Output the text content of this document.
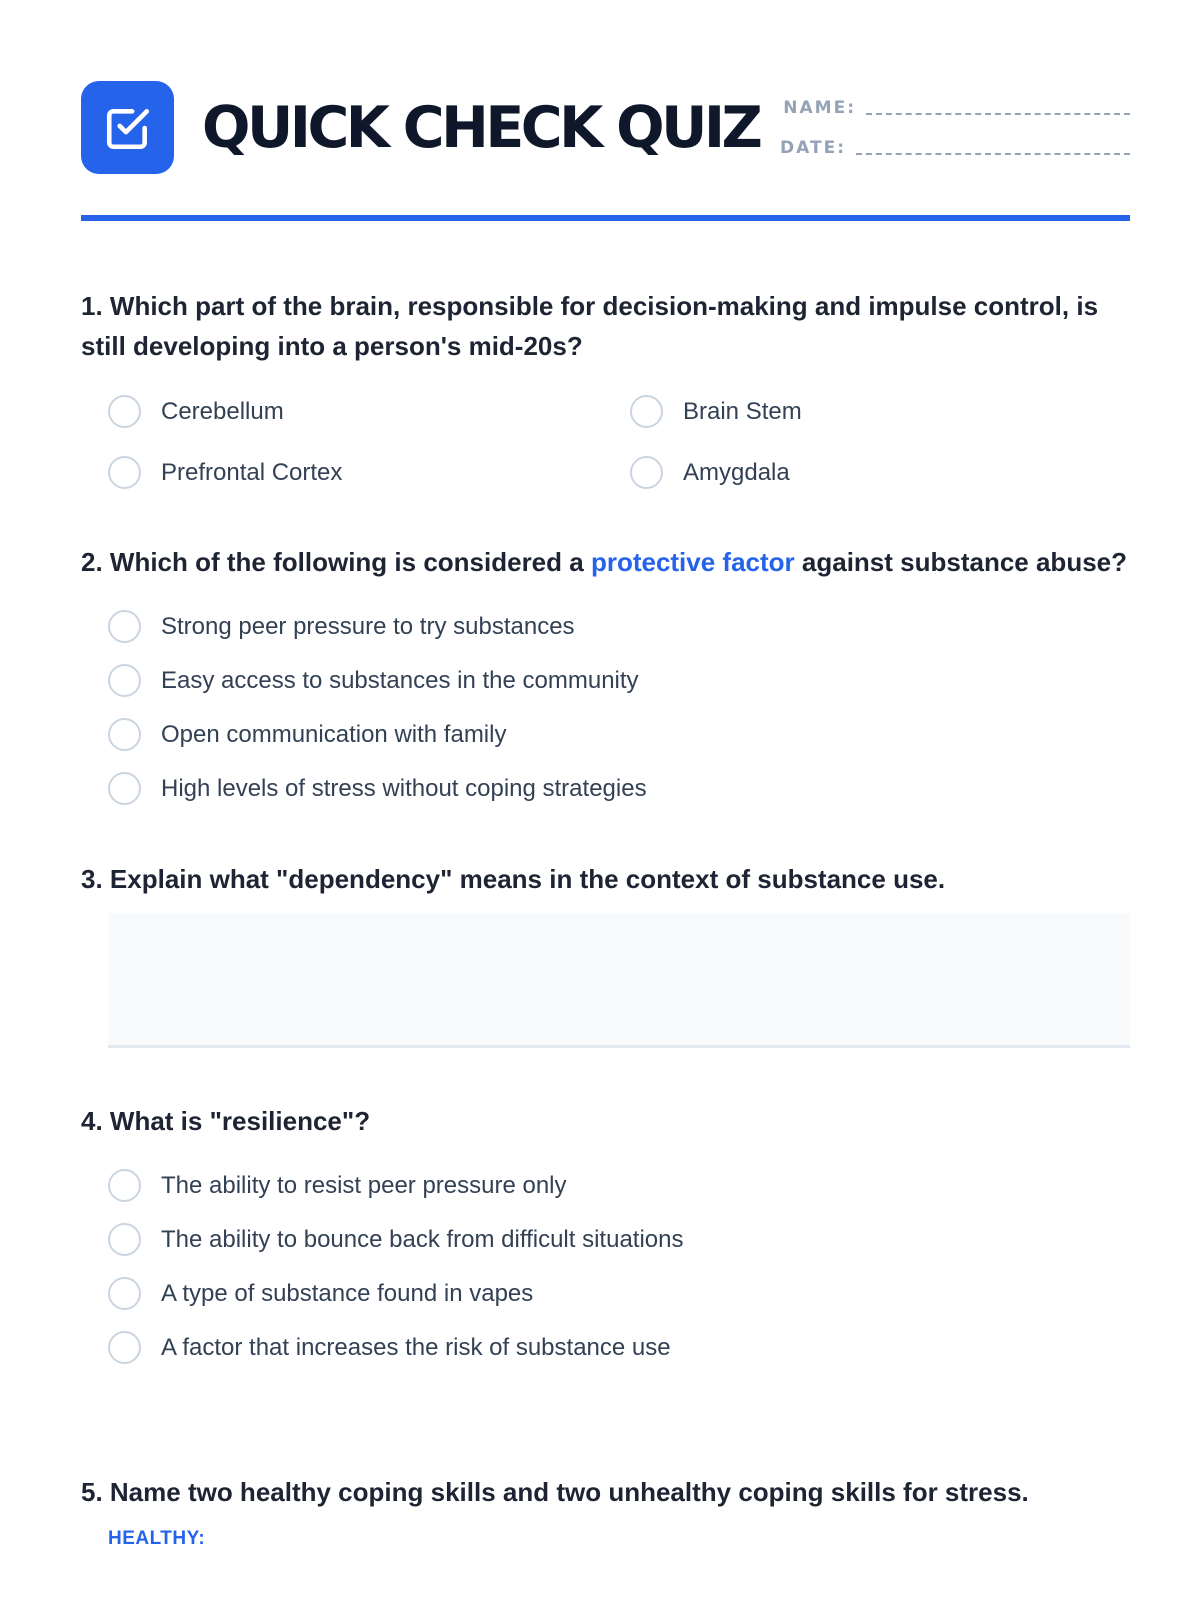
QUICK CHECK QUIZ NAME:
DATE:
1. Which part of the brain, responsible for decision-making and impulse control, is still developing into a person's mid-20s?
Cerebellum	Brain Stem
Prefrontal Cortex	Amygdala
2. Which of the following is considered a protective factor against substance abuse?
Strong peer pressure to try substances
Easy access to substances in the community
Open communication with family
High levels of stress without coping strategies
3. Explain what "dependency" means in the context of substance use.
4. What is "resilience"?
The ability to resist peer pressure only
The ability to bounce back from difficult situations
A type of substance found in vapes
A factor that increases the risk of substance use
5. Name two healthy coping skills and two unhealthy coping skills for stress.
HEALTHY:
